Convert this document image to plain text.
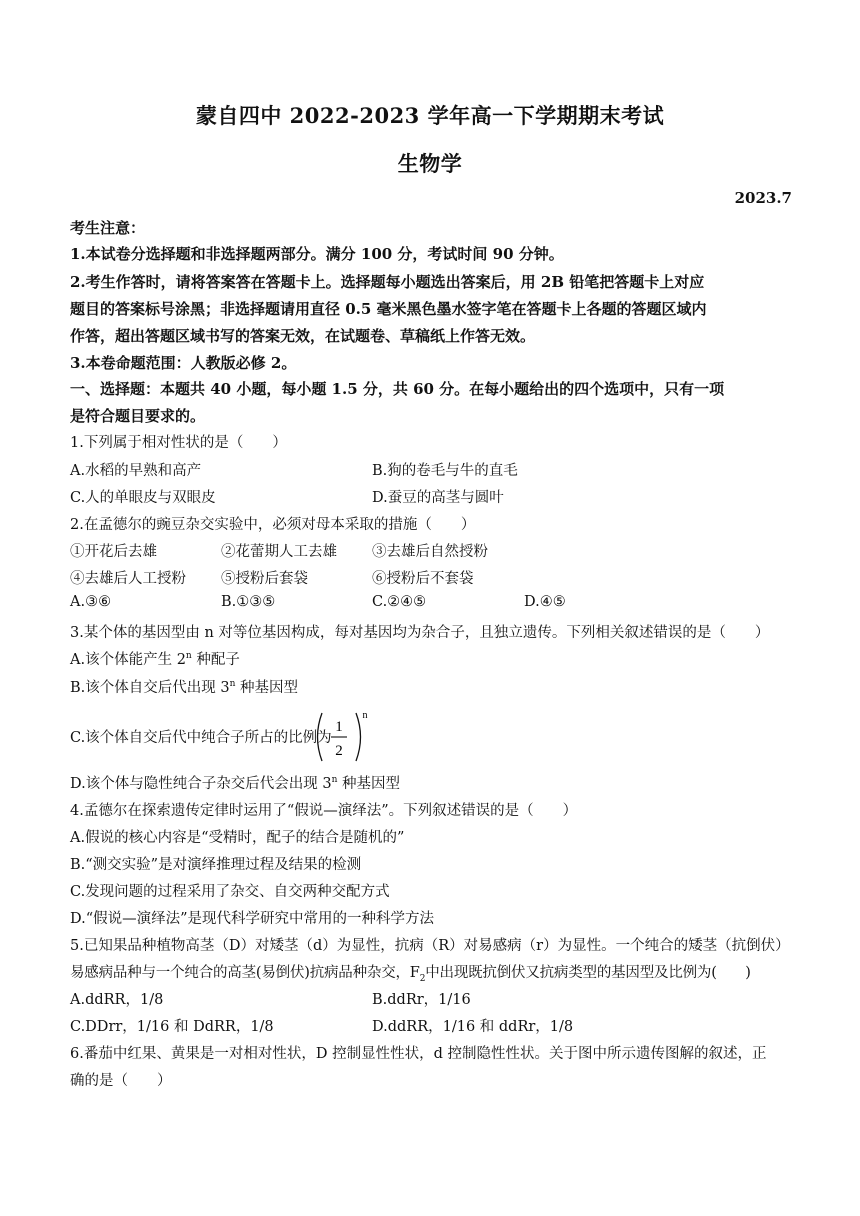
蒙自四中 2022-2023 学年高一下学期期末考试
生物学
2023.7
考生注意：
1.本试卷分选择题和非选择题两部分。满分 100 分，考试时间 90 分钟。
2.考生作答时，请将答案答在答题卡上。选择题每小题选出答案后，用 2B 铅笔把答题卡上对应
题目的答案标号涂黑；非选择题请用直径 0.5 毫米黑色墨水签字笔在答题卡上各题的答题区域内
作答，超出答题区域书写的答案无效，在试题卷、草稿纸上作答无效。
3.本卷命题范围：人教版必修 2。
一、选择题：本题共 40 小题，每小题 1.5 分，共 60 分。在每小题给出的四个选项中，只有一项
是符合题目要求的。
1.下列属于相对性状的是（　　）
A.水稻的早熟和高产	B.狗的卷毛与牛的直毛
C.人的单眼皮与双眼皮	D.蚕豆的高茎与圆叶
2.在孟德尔的豌豆杂交实验中，必须对母本采取的措施（　　）
①开花后去雄	②花蕾期人工去雄 ③去雄后自然授粉
④去雄后人工授粉 ⑤授粉后套袋	⑥授粉后不套袋
A.③⑥	B.①③⑤	C.②④⑤	D.④⑤
3.某个体的基因型由 n 对等位基因构成，每对基因均为杂合子，且独立遗传。下列相关叙述错误的是（　　）
A.该个体能产生 2$^n$ 种配子
B.该个体自交后代出现 3$^n$ 种基因型
C.该个体自交后代中纯合子所占的比例为
1
2
n
D.该个体与隐性纯合子杂交后代会出现 3$^n$ 种基因型
4.孟德尔在探索遗传定律时运用了“假说—演绎法”。下列叙述错误的是（　　）
A.假说的核心内容是“受精时，配子的结合是随机的”
B.“测交实验”是对演绎推理过程及结果的检测
C.发现问题的过程采用了杂交、自交两种交配方式
D.“假说—演绎法”是现代科学研究中常用的一种科学方法
5.已知果品种植物高茎（D）对矮茎（d）为显性，抗病（R）对易感病（r）为显性。一个纯合的矮茎（抗倒伏）
易感病品种与一个纯合的高茎(易倒伏)抗病品种杂交，$F_2$中出现既抗倒伏又抗病类型的基因型及比例为(　　)
A.ddRR，1/8	B.ddRr，1/16
C.DDrr，1/16 和 DdRR，1/8	D.ddRR，1/16 和 ddRr，1/8
6.番茄中红果、黄果是一对相对性状，D 控制显性性状，d 控制隐性性状。关于图中所示遗传图解的叙述，正
确的是（　　）
